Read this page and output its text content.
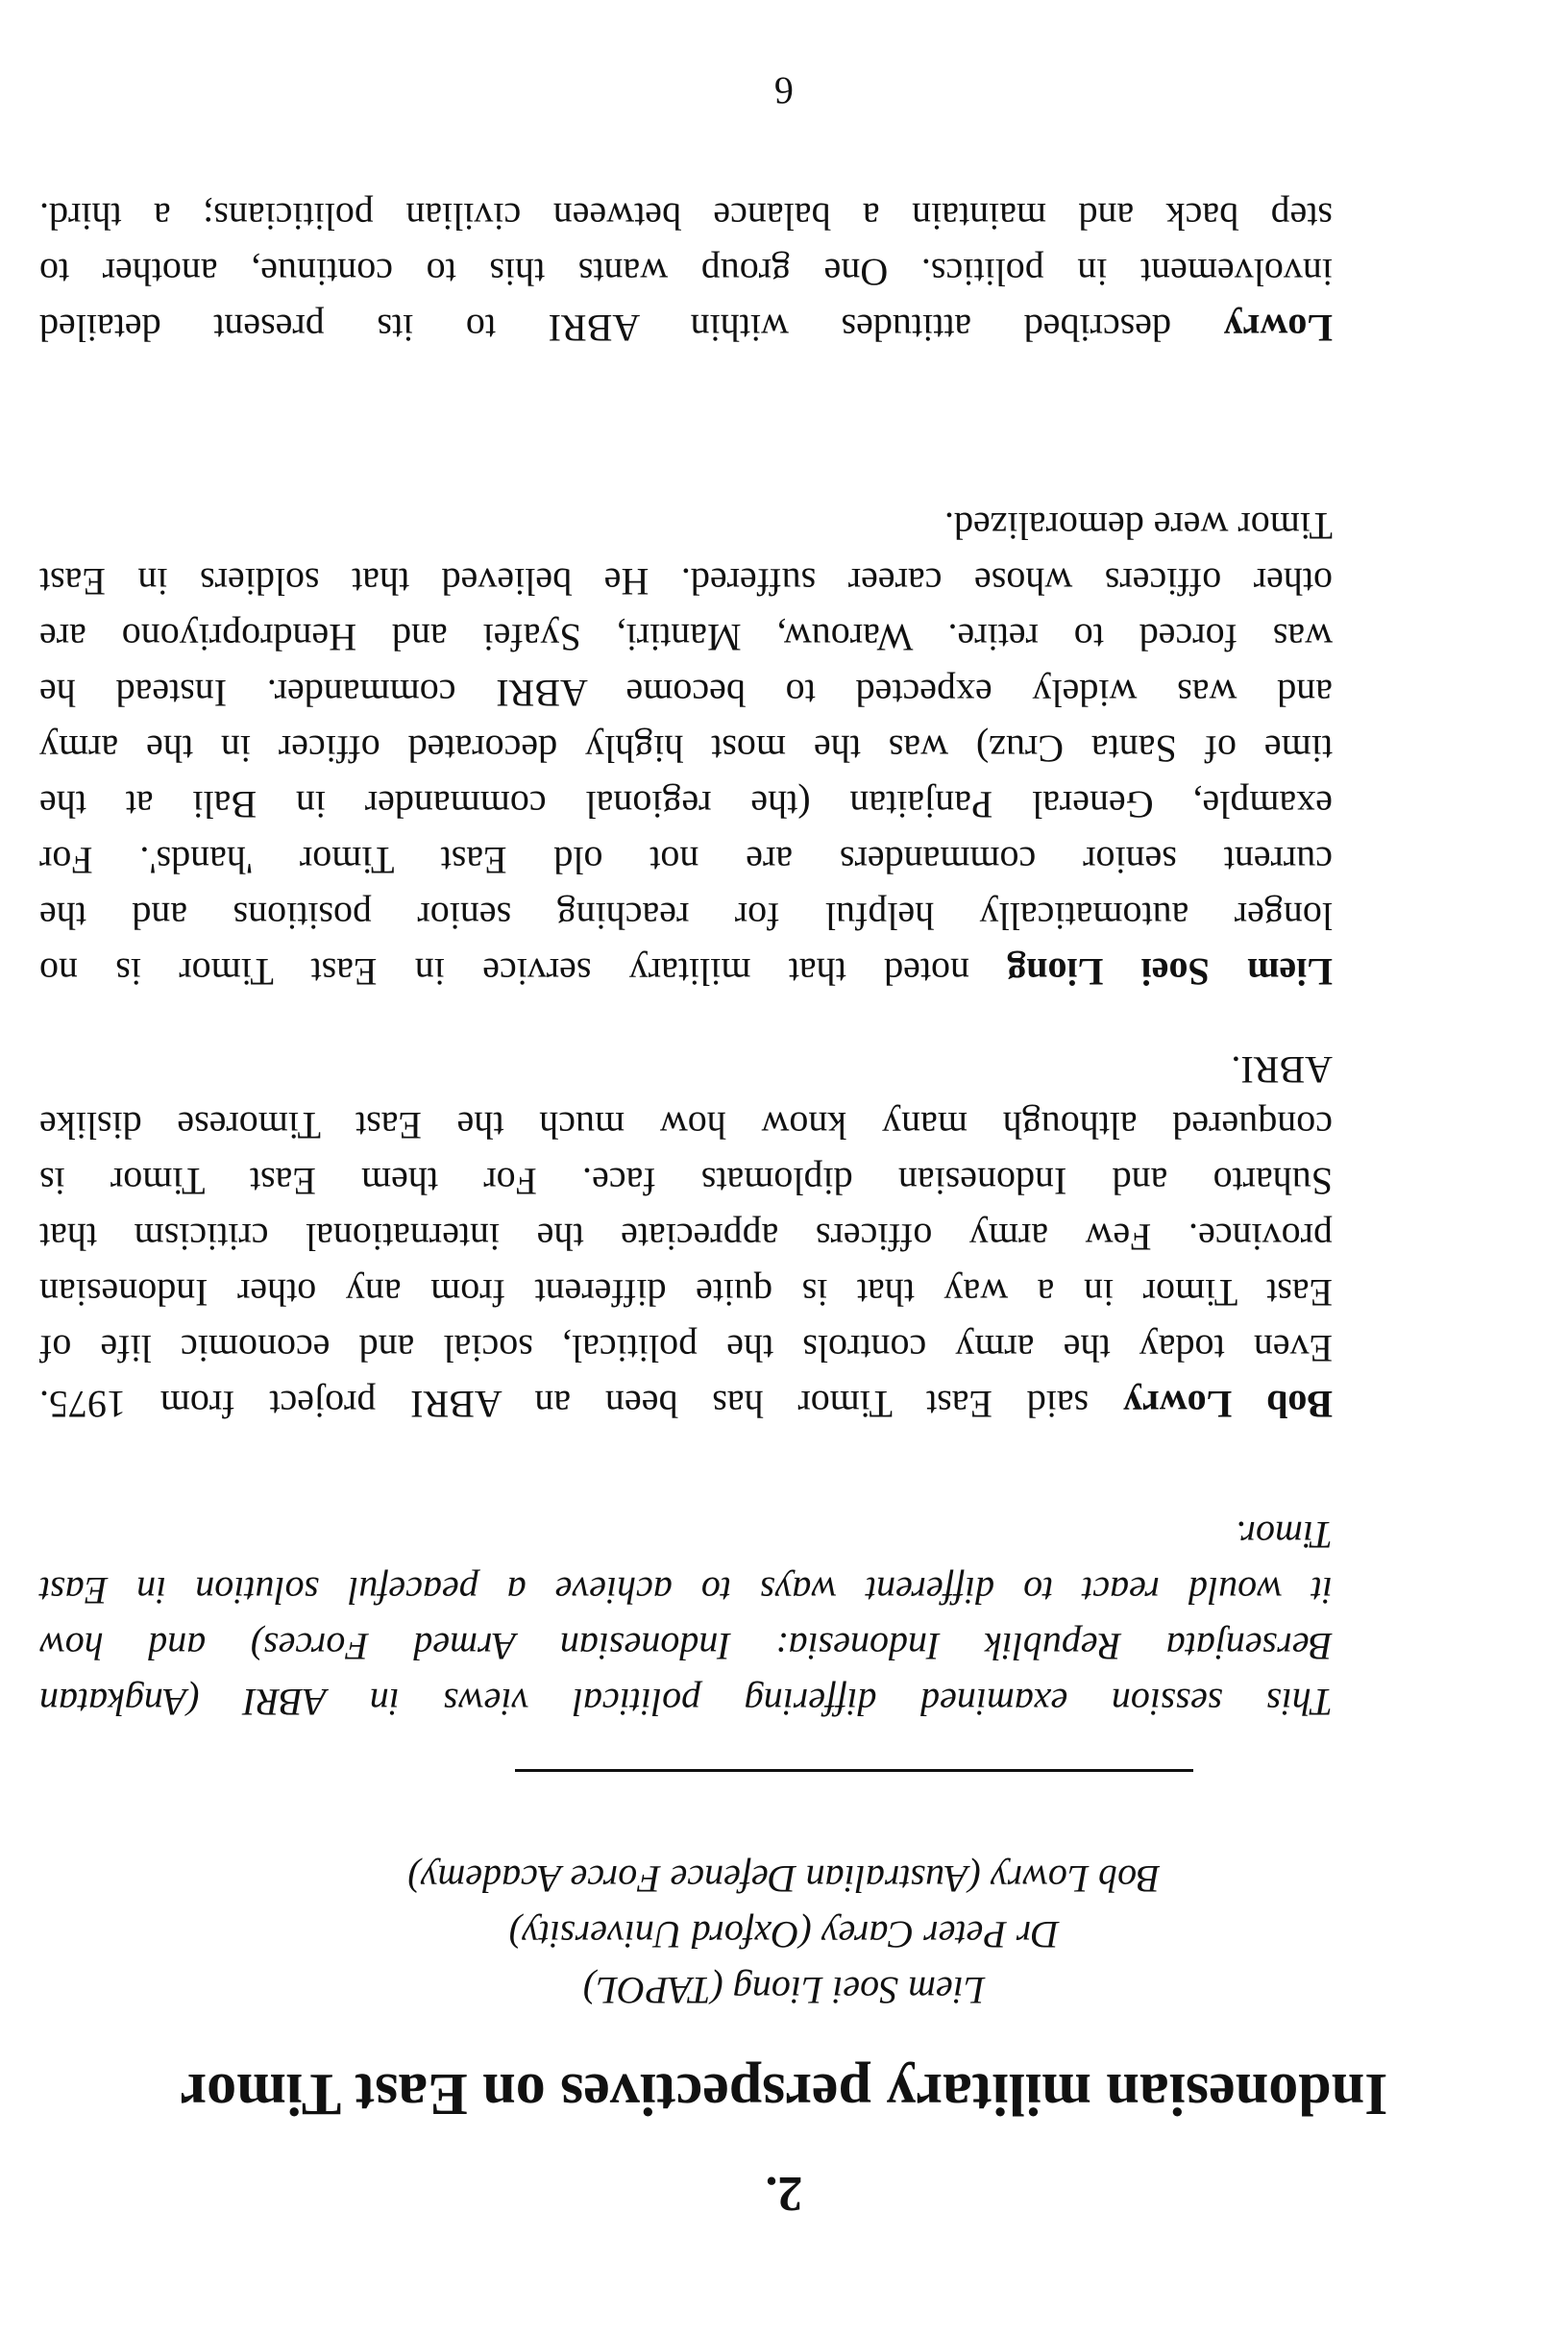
2.
Indonesian military perspectives on East Timor
Liem Soei Liong (TAPOL)
Dr Peter Carey (Oxford University)
Bob Lowry (Australian Defence Force Academy)
This session examined differing political views in ABRI (Angkatan
Bersenjata Republik Indonesia: Indonesian Armed Forces) and how
it would react to different ways to achieve a peaceful solution in East
Timor.
Bob Lowry said East Timor has been an ABRI project from 1975.
Even today the army controls the political, social and economic life of
East Timor in a way that is quite different from any other Indonesian
province. Few army officers appreciate the international criticism that
Suharto and Indonesian diplomats face. For them East Timor is
conquered although many know how much the East Timorese dislike
ABRI.
Liem Soei Liong noted that military service in East Timor is no
longer automatically helpful for reaching senior positions and the
current senior commanders are not old East Timor 'hands'. For
example, General Panjaitan (the regional commander in Bali at the
time of Santa Cruz) was the most highly decorated officer in the army
and was widely expected to become ABRI commander. Instead he
was forced to retire. Warouw, Mantiri, Syafei and Hendropriyono are
other officers whose career suffered. He believed that soldiers in East
Timor were demoralized.
Lowry described attitudes within ABRI to its present detailed
involvement in politics. One group wants this to continue, another to
step back and maintain a balance between civilian politicians; a third.
6
